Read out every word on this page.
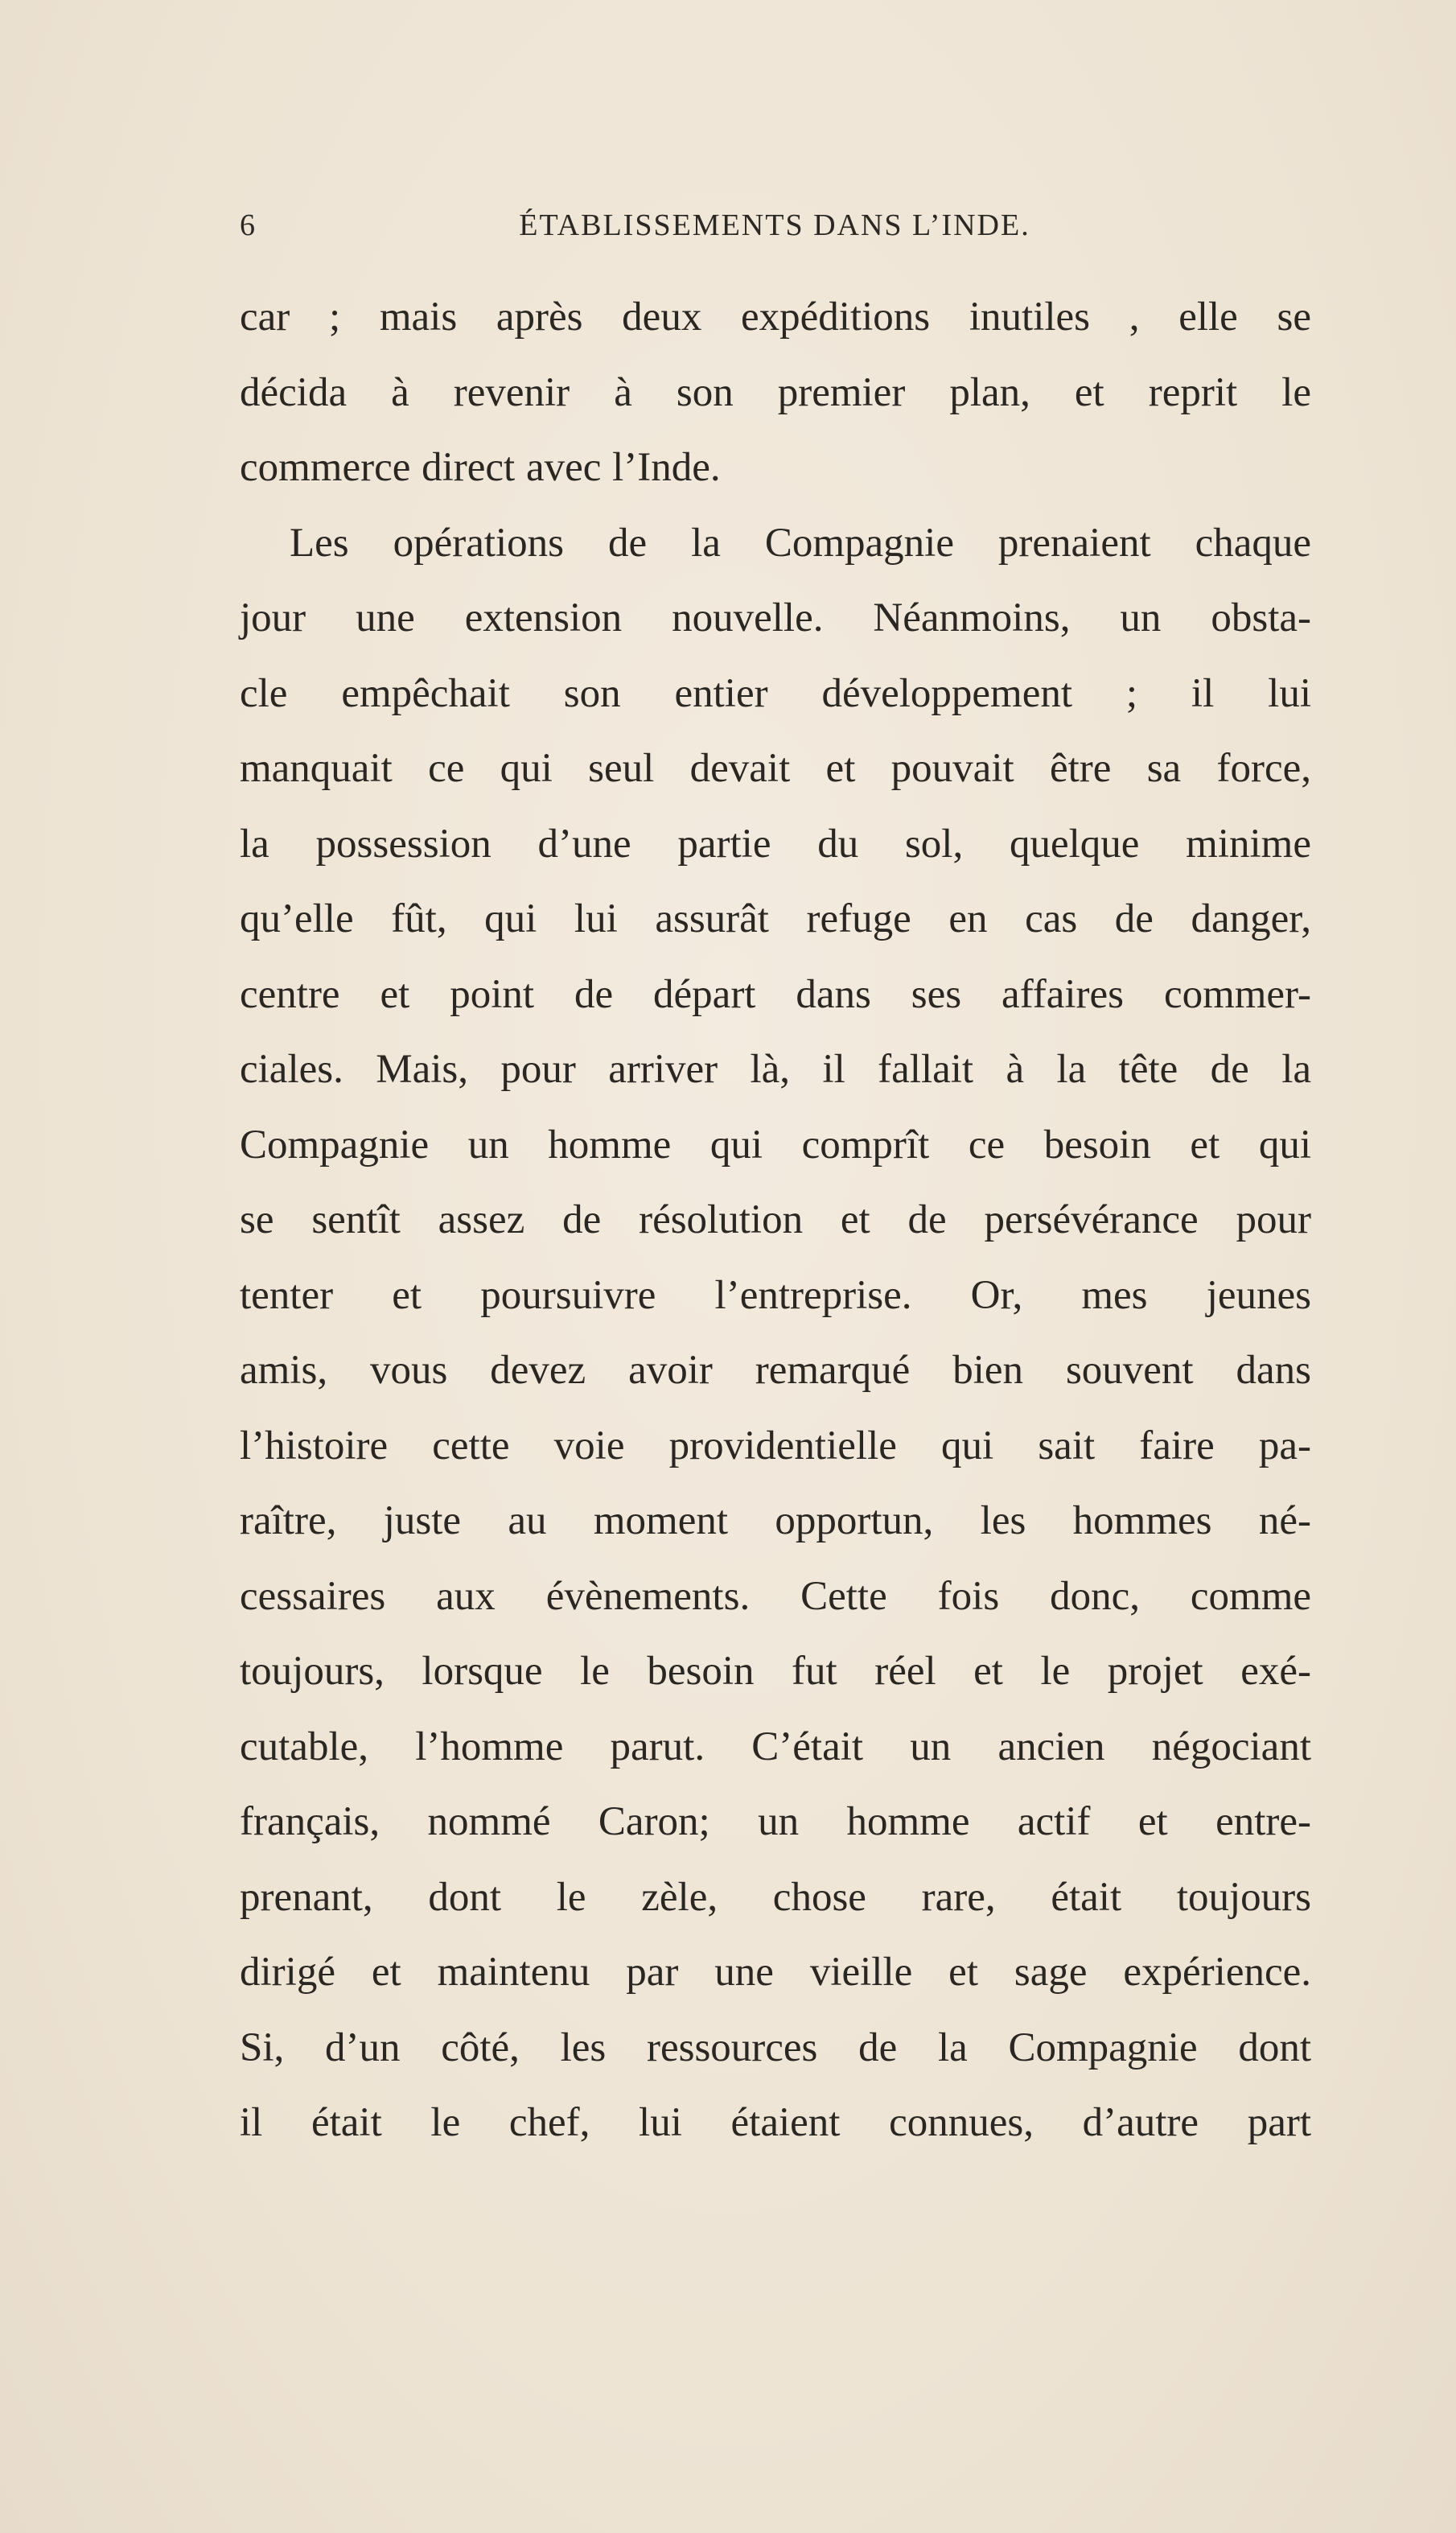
6	ÉTABLISSEMENTS DANS L’INDE.
car ; mais après deux expéditions inutiles , elle se
décida à revenir à son premier plan, et reprit le
commerce direct avec l’Inde.
Les opérations de la Compagnie prenaient chaque
jour une extension nouvelle. Néanmoins, un obsta-
cle empêchait son entier développement ; il lui
manquait ce qui seul devait et pouvait être sa force,
la possession d’une partie du sol, quelque minime
qu’elle fût, qui lui assurât refuge en cas de danger,
centre et point de départ dans ses affaires commer-
ciales. Mais, pour arriver là, il fallait à la tête de la
Compagnie un homme qui comprît ce besoin et qui
se sentît assez de résolution et de persévérance pour
tenter et poursuivre l’entreprise. Or, mes jeunes
amis, vous devez avoir remarqué bien souvent dans
l’histoire cette voie providentielle qui sait faire pa-
raître, juste au moment opportun, les hommes né-
cessaires aux évènements. Cette fois donc, comme
toujours, lorsque le besoin fut réel et le projet exé-
cutable, l’homme parut. C’était un ancien négociant
français, nommé Caron; un homme actif et entre-
prenant, dont le zèle, chose rare, était toujours
dirigé et maintenu par une vieille et sage expérience.
Si, d’un côté, les ressources de la Compagnie dont
il était le chef, lui étaient connues, d’autre part
